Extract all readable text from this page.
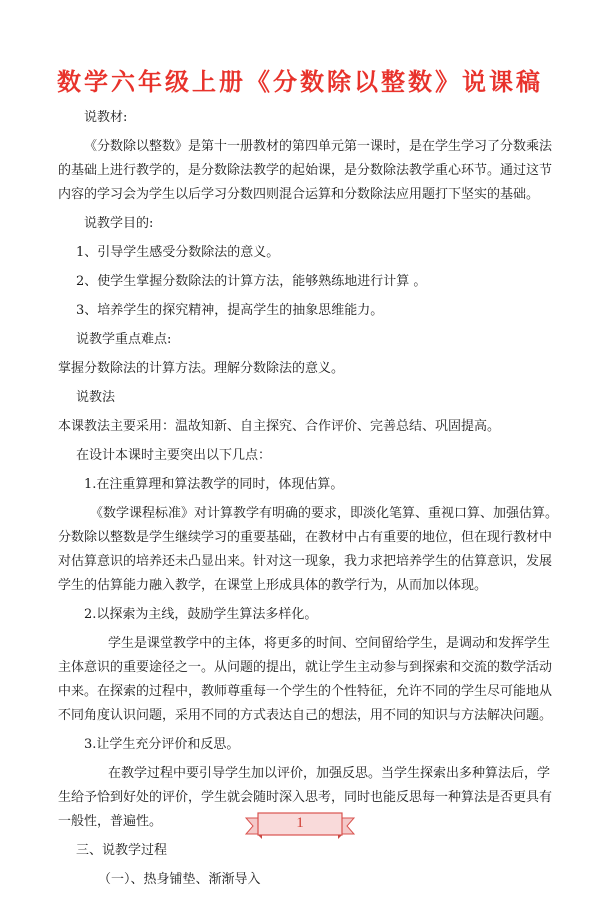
数学六年级上册《分数除以整数》说课稿

说教材:

《分数除以整数》是第十一册教材的第四单元第一课时，是在学生学习了分数乘法的基础上进行教学的，是分数除法教学的起始课，是分数除法教学重心环节。通过这节内容的学习会为学生以后学习分数四则混合运算和分数除法应用题打下坚实的基础。

说教学目的:

1、引导学生感受分数除法的意义。

2、使学生掌握分数除法的计算方法，能够熟练地进行计算 。

3、培养学生的探究精神，提高学生的抽象思维能力。

说教学重点难点:

掌握分数除法的计算方法。理解分数除法的意义。

说教法

本课教法主要采用：温故知新、自主探究、合作评价、完善总结、巩固提高。

在设计本课时主要突出以下几点：

1.在注重算理和算法教学的同时，体现估算。

《数学课程标准》对计算教学有明确的要求，即淡化笔算、重视口算、加强估算。分数除以整数是学生继续学习的重要基础，在教材中占有重要的地位，但在现行教材中对估算意识的培养还未凸显出来。针对这一现象，我力求把培养学生的估算意识，发展学生的估算能力融入教学，在课堂上形成具体的教学行为，从而加以体现。

2.以探索为主线，鼓励学生算法多样化。

学生是课堂教学中的主体，将更多的时间、空间留给学生，是调动和发挥学生主体意识的重要途径之一。从问题的提出，就让学生主动参与到探索和交流的数学活动中来。在探索的过程中，教师尊重每一个学生的个性特征，允许不同的学生尽可能地从不同角度认识问题，采用不同的方式表达自己的想法，用不同的知识与方法解决问题。

3.让学生充分评价和反思。

在教学过程中要引导学生加以评价，加强反思。当学生探索出多种算法后，学生给予恰到好处的评价，学生就会随时深入思考，同时也能反思每一种算法是否更具有一般性，普遍性。

三、说教学过程

（一）、热身铺垫、渐渐导入

1
